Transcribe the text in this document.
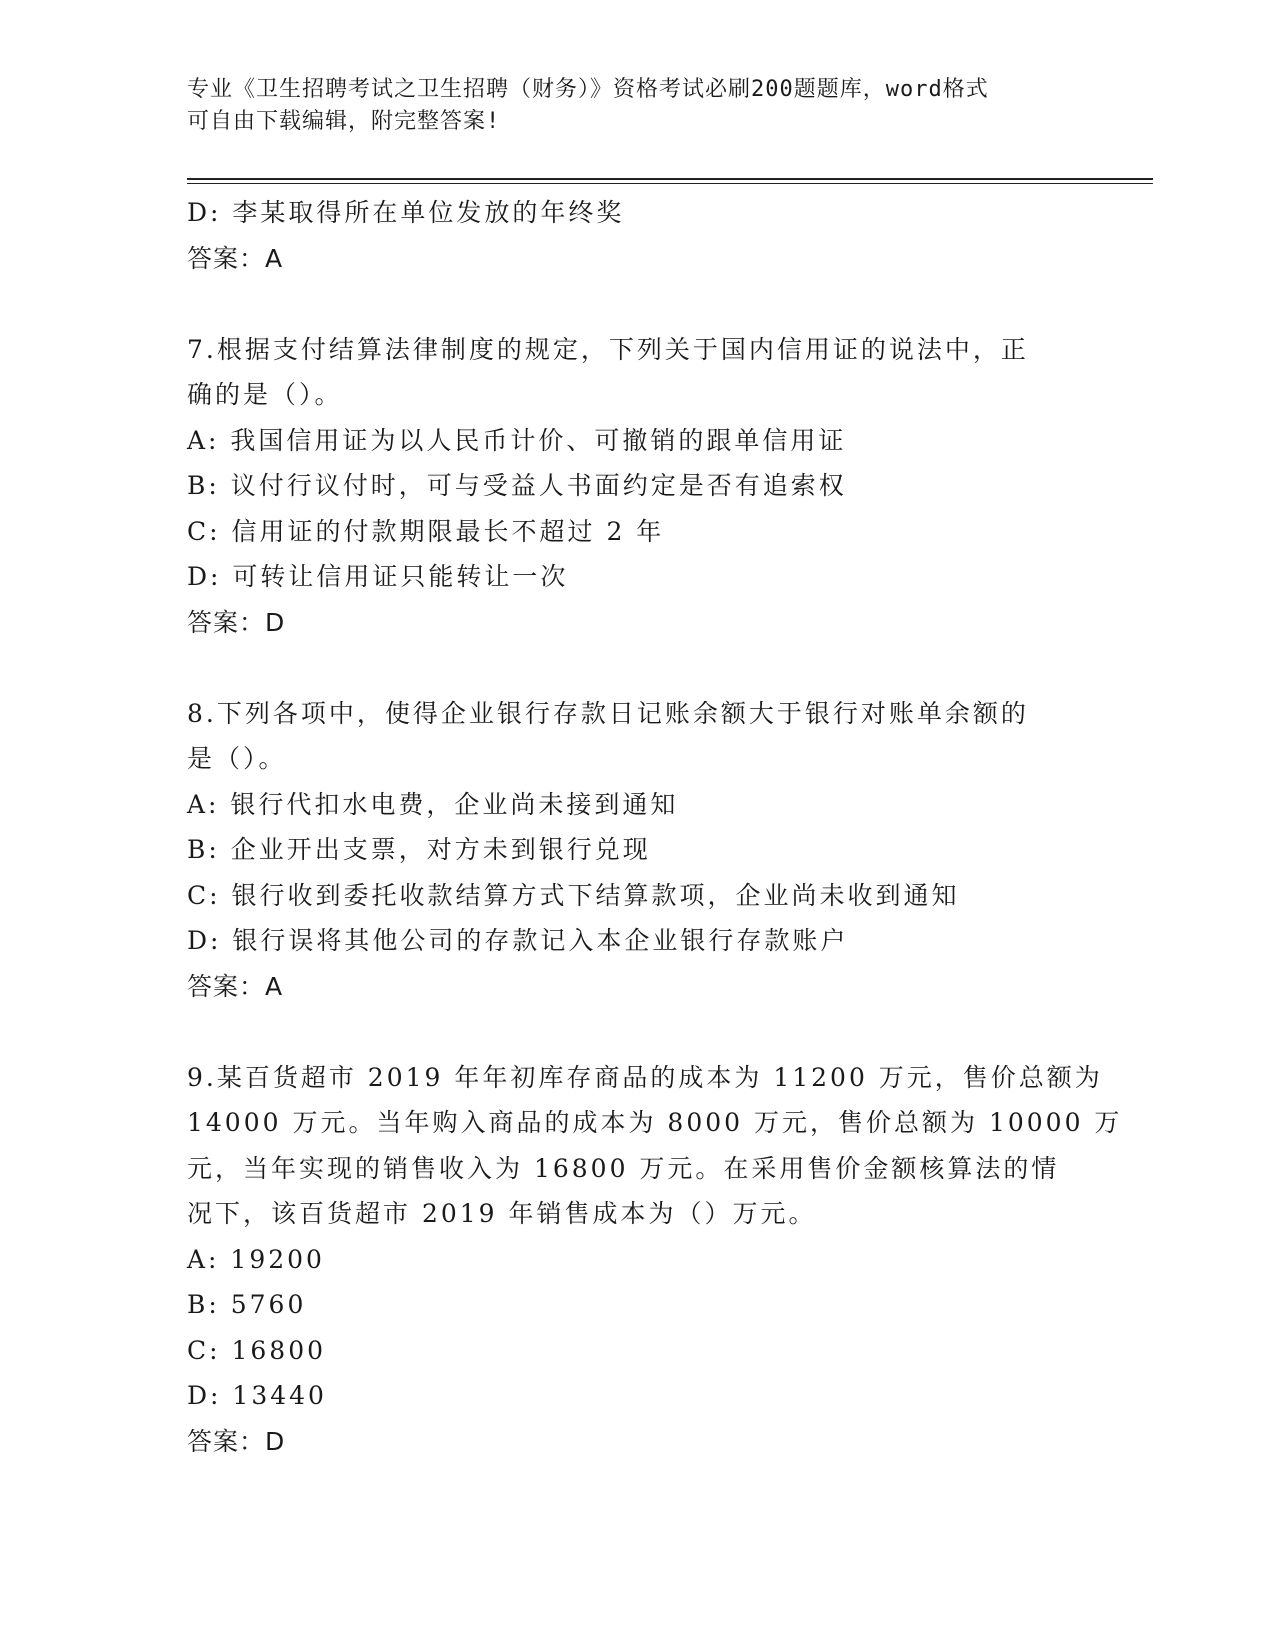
专业《卫生招聘考试之卫生招聘（财务）》资格考试必刷200题题库，word格式
可自由下载编辑，附完整答案!
D: 李某取得所在单位发放的年终奖
答案：A
7.根据支付结算法律制度的规定，下列关于国内信用证的说法中，正
确的是（）。
A: 我国信用证为以人民币计价、可撤销的跟单信用证
B: 议付行议付时，可与受益人书面约定是否有追索权
C: 信用证的付款期限最长不超过 2 年
D: 可转让信用证只能转让一次
答案：D
8.下列各项中，使得企业银行存款日记账余额大于银行对账单余额的
是（）。
A: 银行代扣水电费，企业尚未接到通知
B: 企业开出支票，对方未到银行兑现
C: 银行收到委托收款结算方式下结算款项，企业尚未收到通知
D: 银行误将其他公司的存款记入本企业银行存款账户
答案：A
9.某百货超市 2019 年年初库存商品的成本为 11200 万元，售价总额为
14000 万元。当年购入商品的成本为 8000 万元，售价总额为 10000 万
元，当年实现的销售收入为 16800 万元。在采用售价金额核算法的情
况下，该百货超市 2019 年销售成本为（）万元。
A: 19200
B: 5760
C: 16800
D: 13440
答案：D
